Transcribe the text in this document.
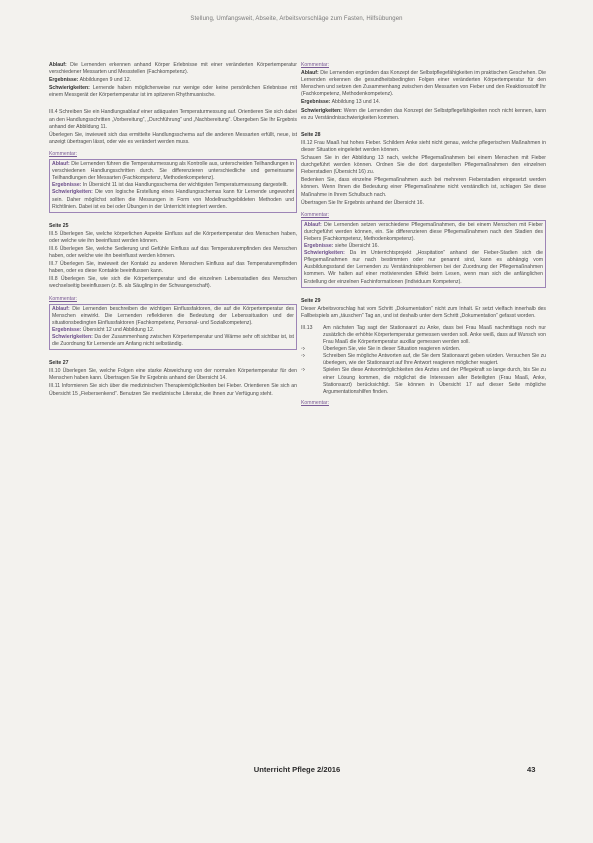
Stellung, Umfangsweit, Abseite, Arbeitsvorschläge zum Fasten, Hilfsübungen

Ablauf: Die Lernenden erkennen anhand Körper Erlebnisse mit einer veränderten Körpertemperatur verschiedener Messarten und Messstellen (Fachkompetenz).

Ergebnisse: Abbildungen 9 und 12.

Schwierigkeiten: Lernende haben möglicherweise nur wenige oder keine persönlichen Erlebnisse mit einem Messgerät der Körpertemperatur ist im spitzeren Rhythmusnische.

III.4 Schreiben Sie ein Handlungsablauf einer adäquaten Temperaturmessung auf. Orientieren Sie sich dabei an den Handlungsschritten „Vorbereitung“, „Durchführung“ und „Nachbereitung“. Übergeben Sie Ihr Ergebnis anhand der Abbildung 11.

Überlegen Sie, inwieweit sich das ermittelte Handlungsschema auf die anderen Messarten erfüllt, neue, ist anzeigt übertragen lässt, oder wie es verändert werden muss.

Kommentar:

Ablauf: Die Lernenden führen die Temperaturmessung als Kontrolle aus, unterscheiden Teilhandlungen in verschiedenen Handlungsschritten durch. Sie differenzieren unterschiedliche und gemeinsame Teilhandlungen der Messarten (Fachkompetenz, Methodenkompetenz).

Ergebnisse: In Übersicht 11 ist das Handlungsschema der wichtigsten Temperaturmessung dargestellt.

Schwierigkeiten: Die von logische Erstellung eines Handlungsschemas kann für Lernende ungewohnt sein. Daher möglichst sollten die Messungen in Form von Modellnachgebildeten Methoden und Richtlinien. Dabei ist es bei oder Übungen in der Unterricht integriert werden.

Seite 25

III.5 Überlegen Sie, welche körperlichen Aspekte Einfluss auf die Körpertemperatur des Menschen haben, oder welche wie ihn beeinflusst werden können.

III.6 Überlegen Sie, welche Sedierung und Gefühle Einfluss auf das Temperaturempfinden des Menschen haben, oder welche wie ihn beeinflusst werden können.

III.7 Überlegen Sie, inwieweit der Kontakt zu anderen Menschen Einfluss auf das Temperaturempfinden haben, oder es diese Kontakte beeinflussen kann.

III.8 Überlegen Sie, wie sich die Körpertemperatur und die einzelnen Lebensstadien des Menschen wechselseitig beeinflussen (z. B. als Säugling in der Schwangerschaft).

Kommentar:

Ablauf: Die Lernenden beschreiben die wichtigen Einflussfaktoren, die auf die Körpertemperatur des Menschen einwirkt. Die Lernenden reflektieren die Bedeutung der Lebenssituation und der situationsbedingten Einflussfaktoren (Fachkompetenz, Personal- und Sozialkompetenz).

Ergebnisse: Übersicht 12 und Abbildung 12.

Schwierigkeiten: Da der Zusammenhang zwischen Körpertemperatur und Wärme sehr oft sichtbar ist, ist die Zuordnung für Lernende am Anfang nicht selbständig.

Seite 27

III.10 Überlegen Sie, welche Folgen eine starke Abweichung von der normalen Körpertemperatur für den Menschen haben kann. Übertragen Sie Ihr Ergebnis anhand der Übersicht 14.

III.11 Informieren Sie sich über die medizinischen Therapiemöglichkeiten bei Fieber. Orientieren Sie sich an Übersicht 15 „Fiebersenkend“. Benutzen Sie medizinische Literatur, die Ihnen zur Verfügung steht.

Kommentar:

Ablauf: Die Lernenden ergründen das Konzept der Selbstpflegefähigkeiten im praktischen Geschehen. Die Lernenden erkennen die gesundheitsbedingten Folgen einer veränderten Körpertemperatur für den Menschen und setzen den Zusammenhang zwischen den Messarten von Fieber und den Reaktionsstoff Ihr (Fachkompetenz, Methodenkompetenz).

Ergebnisse: Abbildung 13 und 14.

Schwierigkeiten: Wenn die Lernenden das Konzept der Selbstpflegefähigkeiten noch nicht kennen, kann es zu Verständnisschwierigkeiten kommen.

Seite 28

III.12 Frau Maaß hat hohes Fieber. Schildern Anke sieht nicht genau, welche pflegerischen Maßnahmen in dieser Situation eingeleitet werden können.

Schauen Sie in der Abbildung 13 nach, welche Pflegemaßnahmen bei einem Menschen mit Fieber durchgeführt werden können. Ordnen Sie die dort dargestellten Pflegemaßnahmen den einzelnen Fieberstadien (Übersicht 16) zu.

Bedenken Sie, dass einzelne Pflegemaßnahmen auch bei mehreren Fieberstadien eingesetzt werden können. Wenn Ihnen die Bedeutung einer Pflegemaßnahme nicht verständlich ist, schlagen Sie diese Maßnahme in Ihrem Schulbuch nach.

Übertragen Sie Ihr Ergebnis anhand der Übersicht 16.

Kommentar:

Ablauf: Die Lernenden setzen verschiedene Pflegemaßnahmen, die bei einem Menschen mit Fieber durchgeführt werden können, ein. Sie differenzieren diese Pflegemaßnahmen nach den Stadien des Fiebers (Fachkompetenz, Methodenkompetenz).

Ergebnisse: siehe Übersicht 16.

Schwierigkeiten: Da im Unterrichtsprojekt „Hospitation“ anhand der Fieber-Stadien sich die Pflegemaßnahmen nur nach bestimmten oder nur genannt sind, kann es abhängig vom Ausbildungsstand der Lernenden zu Verständnisproblemen bei der Zuordnung der Pflegemaßnahmen kommen. Wir halten auf einer motivierenden Effekt beim Lesen, wenn man sich die anfänglichen Erstellung der einzelnen Fachinformationen (Individuum Kompetenz).

Seite 29

Dieser Arbeitsvorschlag hat vom Schritt „Dokumentation“ nicht zum Inhalt. Er setzt vielfach innerhalb des Fallbeispiels am „täuschen“ Tag an, und ist deshalb unter dem Schritt „Dokumentation“ gefasst worden.

III.13	Am nächsten Tag sagt der Stationsarzt zu Anke, dass bei Frau Maaß nachmittags noch nur zusätzlich die erhöhte Körpertemperatur gemessen werden soll. Anke weiß, dass auf Wunsch von Frau Maaß die Körpertemperatur auxillar gemessen werden soll.
➩	Überlegen Sie, wie Sie in dieser Situation reagieren würden.
➩	Schreiben Sie mögliche Antworten auf, die Sie dem Stationsarzt geben würden. Versuchen Sie zu überlegen, wie der Stationsarzt auf Ihre Antwort reagieren möglicher reagiert.
➩	Spielen Sie diese Antwortmöglichkeiten des Arztes und der Pflegekraft so lange durch, bis Sie zu einer Lösung kommen, die möglichst die Interessen aller Beteiligten (Frau Maaß, Anke, Stationsarzt) berücksichtigt. Sie können in Übersicht 17 auf dieser Seite mögliche Argumentationshilfen finden.

Kommentar:

Unterricht Pflege 2/2016	43
